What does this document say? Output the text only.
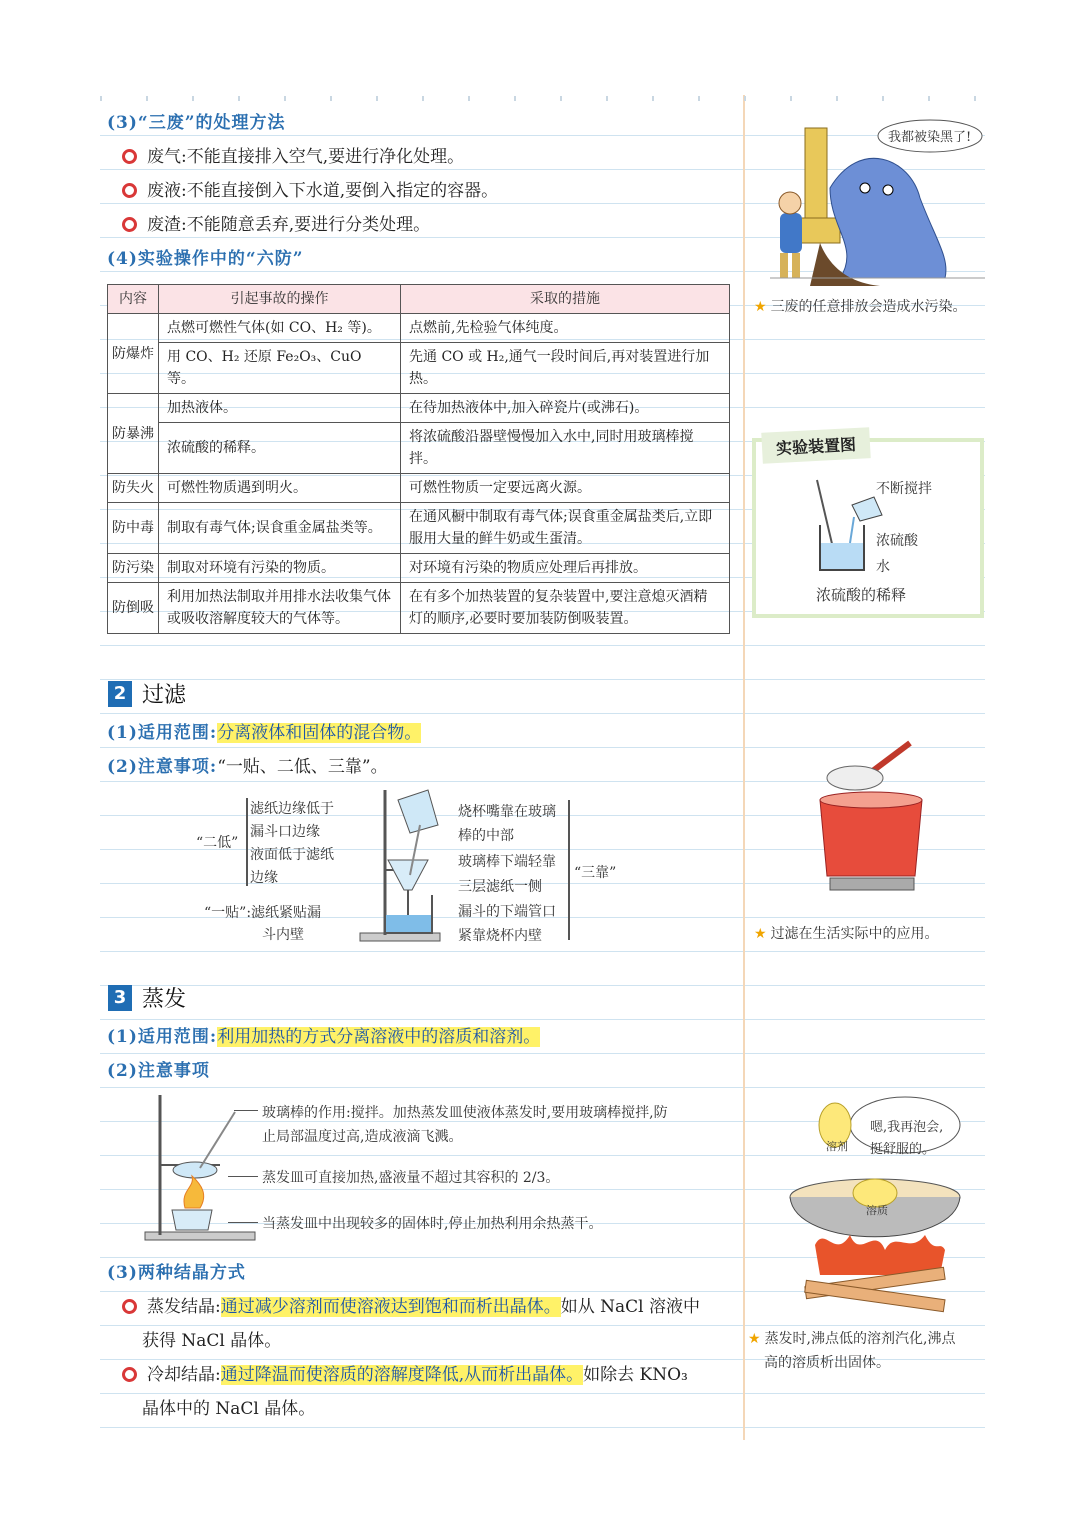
(3)“三废”的处理方法
废气:不能直接排入空气,要进行净化处理。
废液:不能直接倒入下水道,要倒入指定的容器。
废渣:不能随意丢弃,要进行分类处理。
(4)实验操作中的“六防”
内容	引起事故的操作	采取的措施
防爆炸	点燃可燃性气体(如 CO、H₂ 等)。	点燃前,先检验气体纯度。
	用 CO、H₂ 还原 Fe₂O₃、CuO 等。	先通 CO 或 H₂,通气一段时间后,再对装置进行加热。
防暴沸	加热液体。	在待加热液体中,加入碎瓷片(或沸石)。
	浓硫酸的稀释。	将浓硫酸沿器壁慢慢加入水中,同时用玻璃棒搅拌。
防失火	可燃性物质遇到明火。	可燃性物质一定要远离火源。
防中毒	制取有毒气体;误食重金属盐类等。	在通风橱中制取有毒气体;误食重金属盐类后,立即服用大量的鲜牛奶或生蛋清。
防污染	制取对环境有污染的物质。	对环境有污染的物质应处理后再排放。
防倒吸	利用加热法制取并用排水法收集气体或吸收溶解度较大的气体等。	在有多个加热装置的复杂装置中,要注意熄灭酒精灯的顺序,必要时要加装防倒吸装置。
我都被染黑了!
★ 三废的任意排放会造成水污染。
实验装置图
不断搅拌
浓硫酸
水
浓硫酸的稀释
2 过滤
(1)适用范围:分离液体和固体的混合物。
(2)注意事项:“一贴、二低、三靠”。
“二低”
滤纸边缘低于
漏斗口边缘
液面低于滤纸
边缘
“一贴”:滤纸紧贴漏
斗内壁
烧杯嘴靠在玻璃
棒的中部
玻璃棒下端轻靠
三层滤纸一侧
漏斗的下端管口
紧靠烧杯内壁
“三靠”
★ 过滤在生活实际中的应用。
3 蒸发
(1)适用范围:利用加热的方式分离溶液中的溶质和溶剂。
(2)注意事项
玻璃棒的作用:搅拌。加热蒸发皿使液体蒸发时,要用玻璃棒搅拌,防
止局部温度过高,造成液滴飞溅。
蒸发皿可直接加热,盛液量不超过其容积的 2/3。
当蒸发皿中出现较多的固体时,停止加热利用余热蒸干。
(3)两种结晶方式
蒸发结晶:通过减少溶剂而使溶液达到饱和而析出晶体。如从 NaCl 溶液中
获得 NaCl 晶体。
冷却结晶:通过降温而使溶质的溶解度降低,从而析出晶体。如除去 KNO₃
晶体中的 NaCl 晶体。
嗯,我再泡会,
挺舒服的。
溶剂
溶质
★ 蒸发时,沸点低的溶剂汽化,沸点
高的溶质析出固体。
